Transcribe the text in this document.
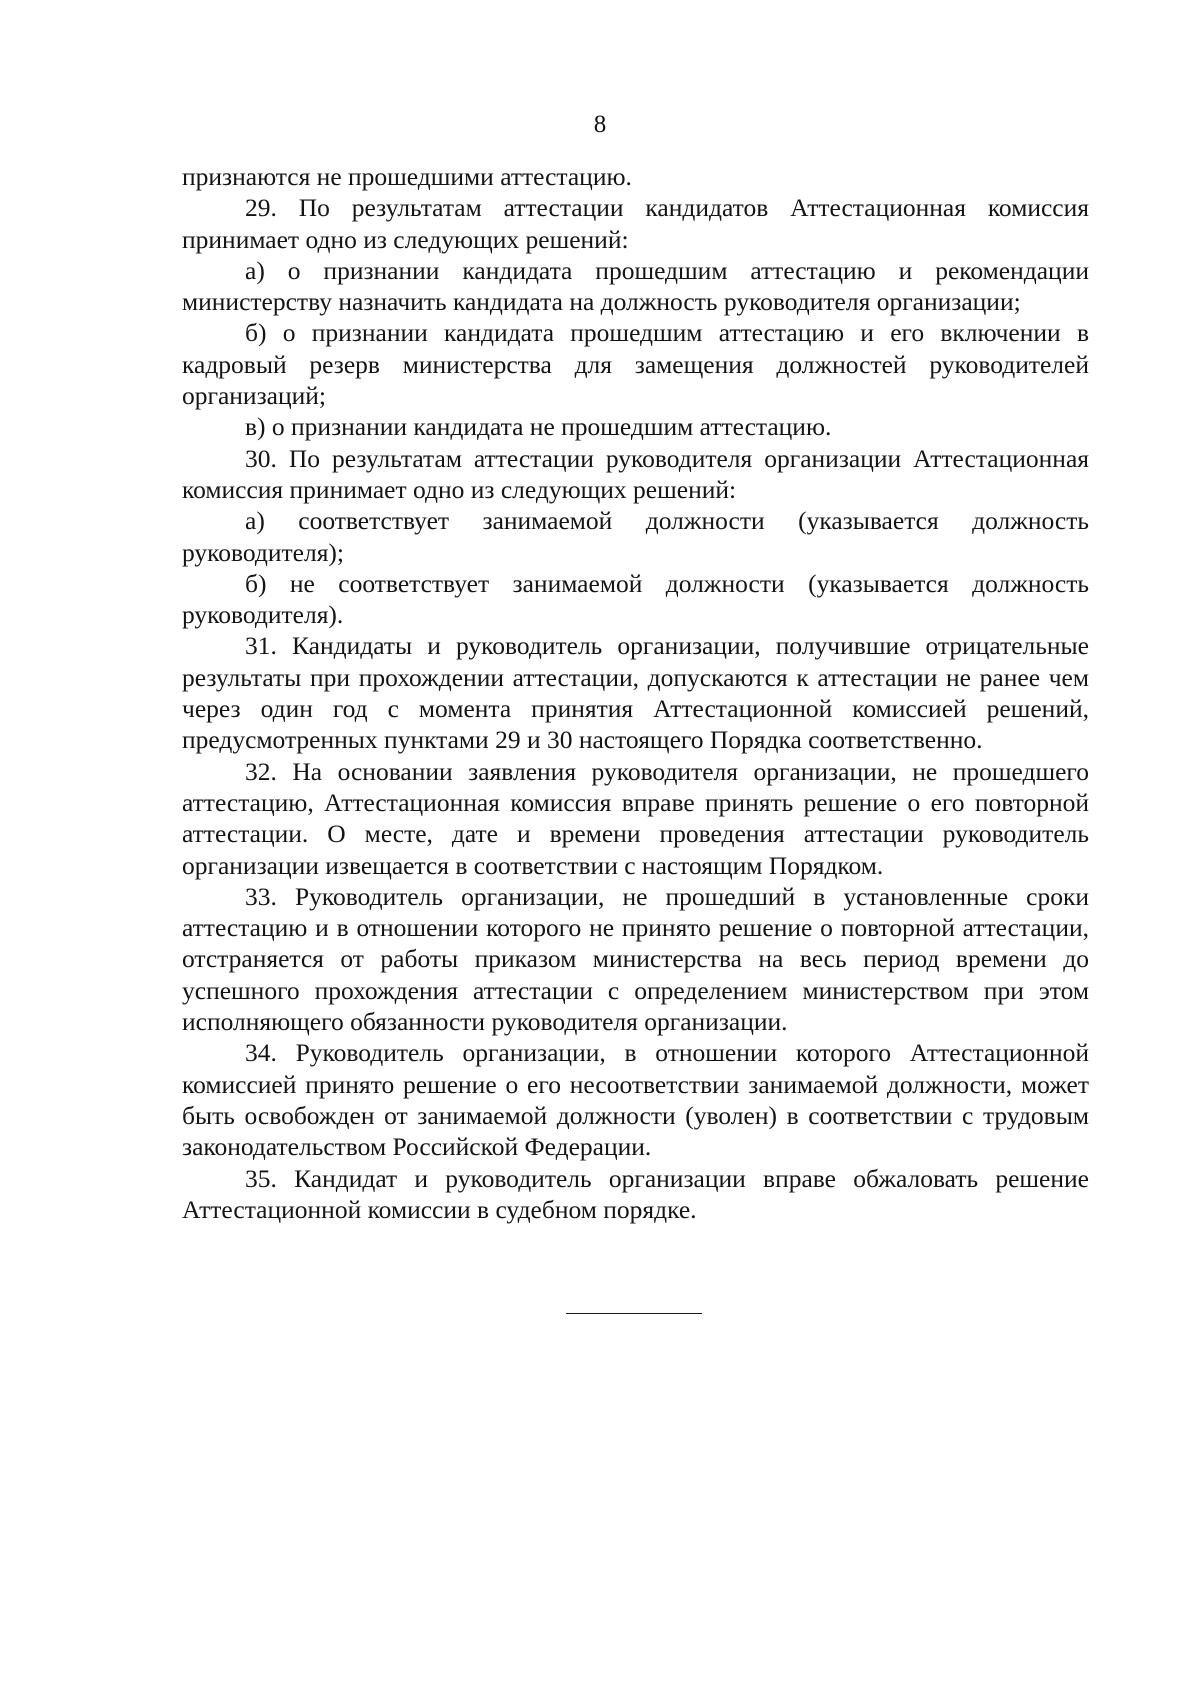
8

признаются не прошедшими аттестацию.

29. По результатам аттестации кандидатов Аттестационная комиссия принимает одно из следующих решений:

а) о признании кандидата прошедшим аттестацию и рекомендации министерству назначить кандидата на должность руководителя организации;

б) о признании кандидата прошедшим аттестацию и его включении в кадровый резерв министерства для замещения должностей руководителей организаций;

в) о признании кандидата не прошедшим аттестацию.

30. По результатам аттестации руководителя организации Аттестационная комиссия принимает одно из следующих решений:

а) соответствует занимаемой должности (указывается должность руководителя);

б) не соответствует занимаемой должности (указывается должность руководителя).

31. Кандидаты и руководитель организации, получившие отрицательные результаты при прохождении аттестации, допускаются к аттестации не ранее чем через один год с момента принятия Аттестационной комиссией решений, предусмотренных пунктами 29 и 30 настоящего Порядка соответственно.

32. На основании заявления руководителя организации, не прошедшего аттестацию, Аттестационная комиссия вправе принять решение о его повторной аттестации. О месте, дате и времени проведения аттестации руководитель организации извещается в соответствии с настоящим Порядком.

33. Руководитель организации, не прошедший в установленные сроки аттестацию и в отношении которого не принято решение о повторной аттестации, отстраняется от работы приказом министерства на весь период времени до успешного прохождения аттестации с определением министерством при этом исполняющего обязанности руководителя организации.

34. Руководитель организации, в отношении которого Аттестационной комиссией принято решение о его несоответствии занимаемой должности, может быть освобожден от занимаемой должности (уволен) в соответствии с трудовым законодательством Российской Федерации.

35. Кандидат и руководитель организации вправе обжаловать решение Аттестационной комиссии в судебном порядке.
